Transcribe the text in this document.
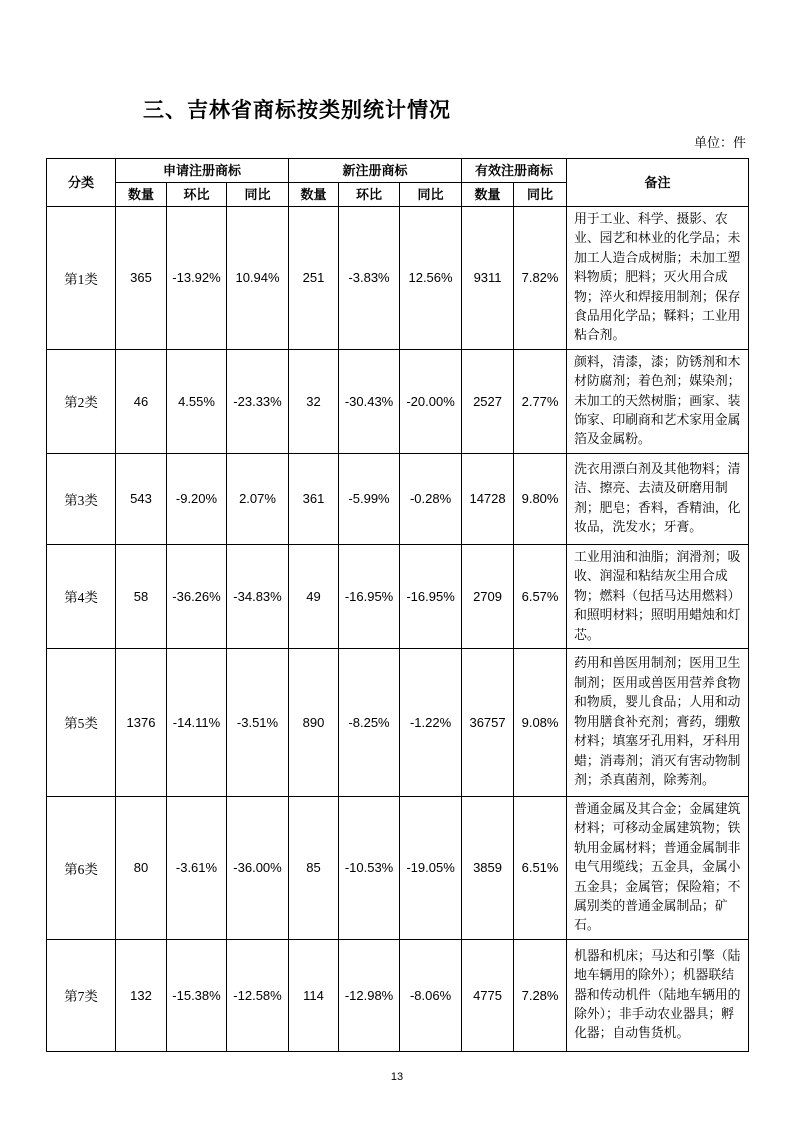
三、吉林省商标按类别统计情况
单位：件
分类	申请注册商标			新注册商标			有效注册商标		备注
	数量	环比	同比	数量	环比	同比	数量	同比	
第1类	365	-13.92%	10.94%	251	-3.83%	12.56%	9311	7.82%	用于工业、科学、摄影、农业、园艺和林业的化学品；未加工人造合成树脂；未加工塑料物质；肥料；灭火用合成物；淬火和焊接用制剂；保存食品用化学品；鞣料；工业用粘合剂。
第2类	46	4.55%	-23.33%	32	-30.43%	-20.00%	2527	2.77%	颜料，清漆，漆；防锈剂和木材防腐剂；着色剂；媒染剂；未加工的天然树脂；画家、装饰家、印刷商和艺术家用金属箔及金属粉。
第3类	543	-9.20%	2.07%	361	-5.99%	-0.28%	14728	9.80%	洗衣用漂白剂及其他物料；清洁、擦亮、去渍及研磨用制剂；肥皂；香料，香精油，化妆品，洗发水；牙膏。
第4类	58	-36.26%	-34.83%	49	-16.95%	-16.95%	2709	6.57%	工业用油和油脂；润滑剂；吸收、润湿和粘结灰尘用合成物；燃料（包括马达用燃料）和照明材料；照明用蜡烛和灯芯。
第5类	1376	-14.11%	-3.51%	890	-8.25%	-1.22%	36757	9.08%	药用和兽医用制剂；医用卫生制剂；医用或兽医用营养食物和物质，婴儿食品；人用和动物用膳食补充剂；膏药，绷敷材料；填塞牙孔用料，牙科用蜡；消毒剂；消灭有害动物制剂；杀真菌剂，除莠剂。
第6类	80	-3.61%	-36.00%	85	-10.53%	-19.05%	3859	6.51%	普通金属及其合金；金属建筑材料；可移动金属建筑物；铁轨用金属材料；普通金属制非电气用缆线；五金具，金属小五金具；金属管；保险箱；不属别类的普通金属制品；矿石。
第7类	132	-15.38%	-12.58%	114	-12.98%	-8.06%	4775	7.28%	机器和机床；马达和引擎（陆地车辆用的除外）；机器联结器和传动机件（陆地车辆用的除外）；非手动农业器具；孵化器；自动售货机。
13
